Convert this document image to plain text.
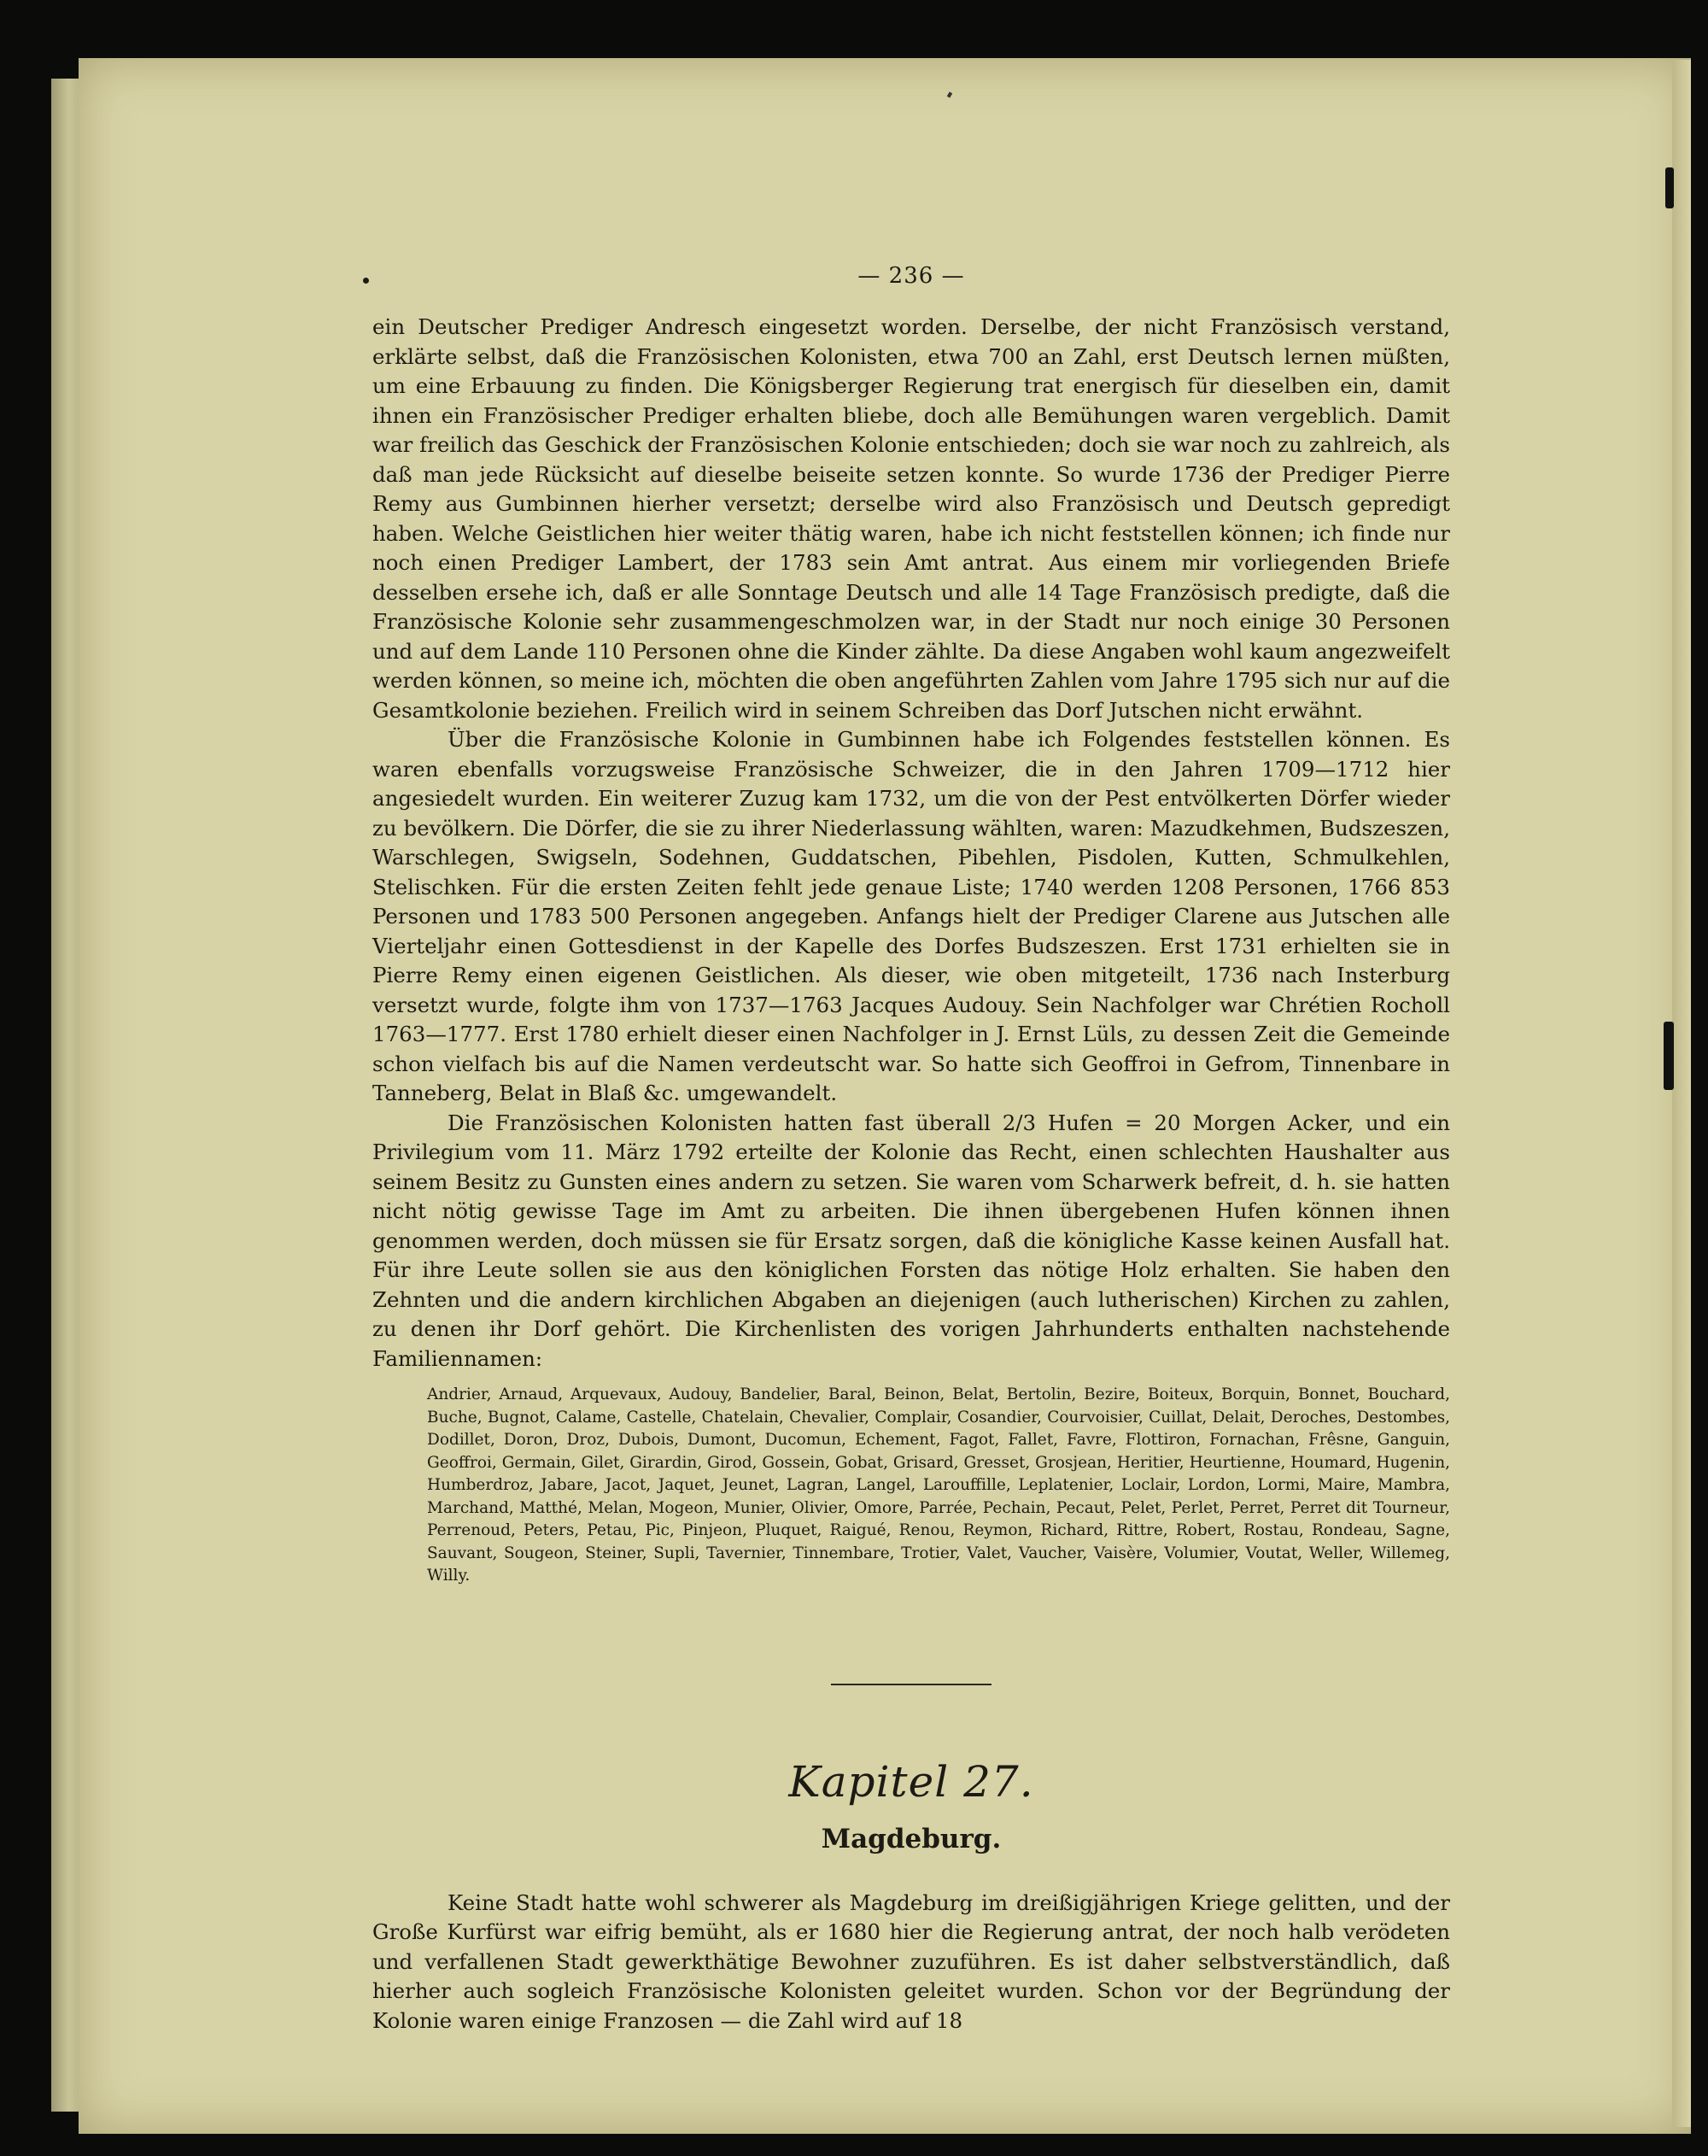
— 236 —

ein Deutscher Prediger Andresch eingesetzt worden. Derselbe, der nicht Französisch verstand, erklärte selbst, daß die Französischen Kolonisten, etwa 700 an Zahl, erst Deutsch lernen müßten, um eine Erbauung zu finden. Die Königsberger Regierung trat energisch für dieselben ein, damit ihnen ein Französischer Prediger erhalten bliebe, doch alle Bemühungen waren vergeblich. Damit war freilich das Geschick der Französischen Kolonie entschieden; doch sie war noch zu zahlreich, als daß man jede Rücksicht auf dieselbe beiseite setzen konnte. So wurde 1736 der Prediger Pierre Remy aus Gumbinnen hierher versetzt; derselbe wird also Französisch und Deutsch gepredigt haben. Welche Geistlichen hier weiter thätig waren, habe ich nicht feststellen können; ich finde nur noch einen Prediger Lambert, der 1783 sein Amt antrat. Aus einem mir vorliegenden Briefe desselben ersehe ich, daß er alle Sonntage Deutsch und alle 14 Tage Französisch predigte, daß die Französische Kolonie sehr zusammengeschmolzen war, in der Stadt nur noch einige 30 Personen und auf dem Lande 110 Personen ohne die Kinder zählte. Da diese Angaben wohl kaum angezweifelt werden können, so meine ich, möchten die oben angeführten Zahlen vom Jahre 1795 sich nur auf die Gesamtkolonie beziehen. Freilich wird in seinem Schreiben das Dorf Jutschen nicht erwähnt.

Über die Französische Kolonie in Gumbinnen habe ich Folgendes feststellen können. Es waren ebenfalls vorzugsweise Französische Schweizer, die in den Jahren 1709—1712 hier angesiedelt wurden. Ein weiterer Zuzug kam 1732, um die von der Pest entvölkerten Dörfer wieder zu bevölkern. Die Dörfer, die sie zu ihrer Niederlassung wählten, waren: Mazudkehmen, Budszeszen, Warschlegen, Swigseln, Sodehnen, Guddatschen, Pibehlen, Pisdolen, Kutten, Schmulkehlen, Stelischken. Für die ersten Zeiten fehlt jede genaue Liste; 1740 werden 1208 Personen, 1766 853 Personen und 1783 500 Personen angegeben. Anfangs hielt der Prediger Clarene aus Jutschen alle Vierteljahr einen Gottesdienst in der Kapelle des Dorfes Budszeszen. Erst 1731 erhielten sie in Pierre Remy einen eigenen Geistlichen. Als dieser, wie oben mitgeteilt, 1736 nach Insterburg versetzt wurde, folgte ihm von 1737—1763 Jacques Audouy. Sein Nachfolger war Chrétien Rocholl 1763—1777. Erst 1780 erhielt dieser einen Nachfolger in J. Ernst Lüls, zu dessen Zeit die Gemeinde schon vielfach bis auf die Namen verdeutscht war. So hatte sich Geoffroi in Gefrom, Tinnenbare in Tanneberg, Belat in Blaß &c. umgewandelt.

Die Französischen Kolonisten hatten fast überall 2/3 Hufen = 20 Morgen Acker, und ein Privilegium vom 11. März 1792 erteilte der Kolonie das Recht, einen schlechten Haushalter aus seinem Besitz zu Gunsten eines andern zu setzen. Sie waren vom Scharwerk befreit, d. h. sie hatten nicht nötig gewisse Tage im Amt zu arbeiten. Die ihnen übergebenen Hufen können ihnen genommen werden, doch müssen sie für Ersatz sorgen, daß die königliche Kasse keinen Ausfall hat. Für ihre Leute sollen sie aus den königlichen Forsten das nötige Holz erhalten. Sie haben den Zehnten und die andern kirchlichen Abgaben an diejenigen (auch lutherischen) Kirchen zu zahlen, zu denen ihr Dorf gehört. Die Kirchenlisten des vorigen Jahrhunderts enthalten nachstehende Familiennamen:

Andrier, Arnaud, Arquevaux, Audouy, Bandelier, Baral, Beinon, Belat, Bertolin, Bezire, Boiteux, Borquin, Bonnet, Bouchard, Buche, Bugnot, Calame, Castelle, Chatelain, Chevalier, Complair, Cosandier, Courvoisier, Cuillat, Delait, Deroches, Destombes, Dodillet, Doron, Droz, Dubois, Dumont, Ducomun, Echement, Fagot, Fallet, Favre, Flottiron, Fornachan, Frêsne, Ganguin, Geoffroi, Germain, Gilet, Girardin, Girod, Gossein, Gobat, Grisard, Gresset, Grosjean, Heritier, Heurtienne, Houmard, Hugenin, Humberdroz, Jabare, Jacot, Jaquet, Jeunet, Lagran, Langel, Larouffille, Leplatenier, Loclair, Lordon, Lormi, Maire, Mambra, Marchand, Matthé, Melan, Mogeon, Munier, Olivier, Omore, Parrée, Pechain, Pecaut, Pelet, Perlet, Perret, Perret dit Tourneur, Perrenoud, Peters, Petau, Pic, Pinjeon, Pluquet, Raigué, Renou, Reymon, Richard, Rittre, Robert, Rostau, Rondeau, Sagne, Sauvant, Sougeon, Steiner, Supli, Tavernier, Tinnembare, Trotier, Valet, Vaucher, Vaisère, Volumier, Voutat, Weller, Willemeg, Willy.

Kapitel 27.
Magdeburg.

Keine Stadt hatte wohl schwerer als Magdeburg im dreißigjährigen Kriege gelitten, und der Große Kurfürst war eifrig bemüht, als er 1680 hier die Regierung antrat, der noch halb verödeten und verfallenen Stadt gewerkthätige Bewohner zuzuführen. Es ist daher selbstverständlich, daß hierher auch sogleich Französische Kolonisten geleitet wurden. Schon vor der Begründung der Kolonie waren einige Franzosen — die Zahl wird auf 18
